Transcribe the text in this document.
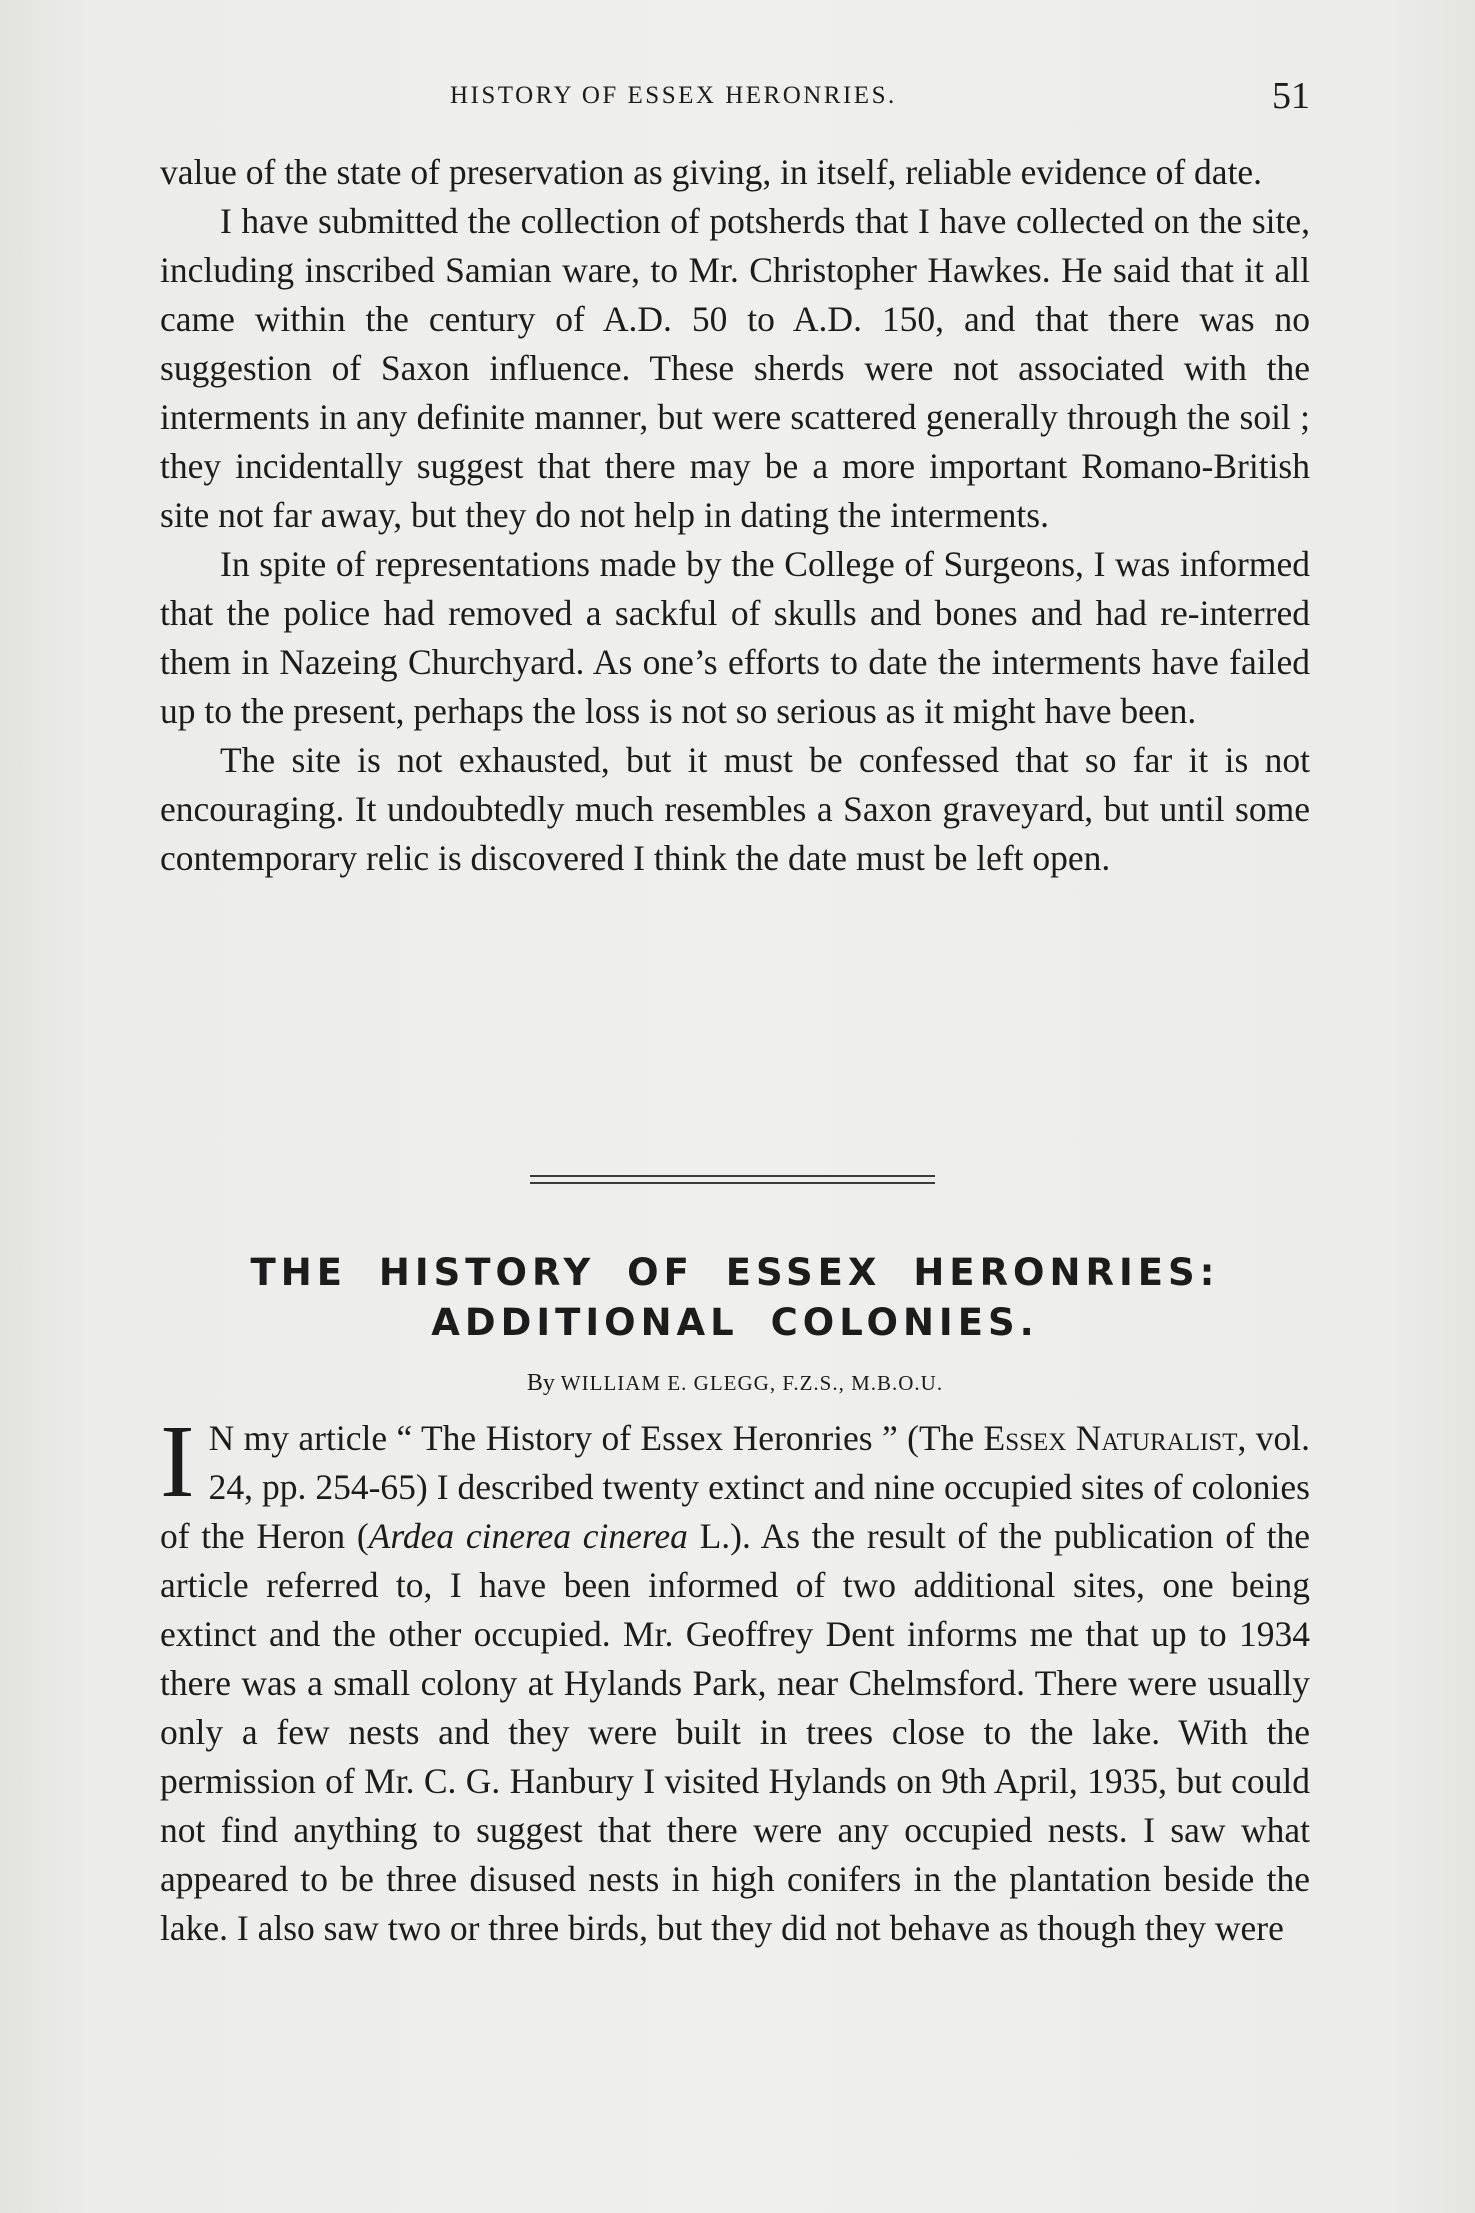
HISTORY OF ESSEX HERONRIES.	51

value of the state of preservation as giving, in itself, reliable evidence of date.

I have submitted the collection of potsherds that I have collected on the site, including inscribed Samian ware, to Mr. Christopher Hawkes. He said that it all came within the century of A.D. 50 to A.D. 150, and that there was no suggestion of Saxon influence. These sherds were not associated with the interments in any definite manner, but were scattered generally through the soil ; they incidentally suggest that there may be a more important Romano-British site not far away, but they do not help in dating the interments.

In spite of representations made by the College of Surgeons, I was informed that the police had removed a sackful of skulls and bones and had re-interred them in Nazeing Churchyard. As one’s efforts to date the interments have failed up to the present, perhaps the loss is not so serious as it might have been.

The site is not exhausted, but it must be confessed that so far it is not encouraging. It undoubtedly much resembles a Saxon graveyard, but until some contemporary relic is discovered I think the date must be left open.

THE HISTORY OF ESSEX HERONRIES:
ADDITIONAL COLONIES.
By WILLIAM E. GLEGG, F.Z.S., M.B.O.U.

I N my article “ The History of Essex Heronries ” (The Essex Naturalist, vol. 24, pp. 254-65) I described twenty extinct and nine occupied sites of colonies of the Heron (Ardea cinerea cinerea L.). As the result of the publication of the article referred to, I have been informed of two additional sites, one being extinct and the other occupied. Mr. Geoffrey Dent informs me that up to 1934 there was a small colony at Hylands Park, near Chelmsford. There were usually only a few nests and they were built in trees close to the lake. With the permission of Mr. C. G. Hanbury I visited Hylands on 9th April, 1935, but could not find anything to suggest that there were any occupied nests. I saw what appeared to be three disused nests in high conifers in the plantation beside the lake. I also saw two or three birds, but they did not behave as though they were
